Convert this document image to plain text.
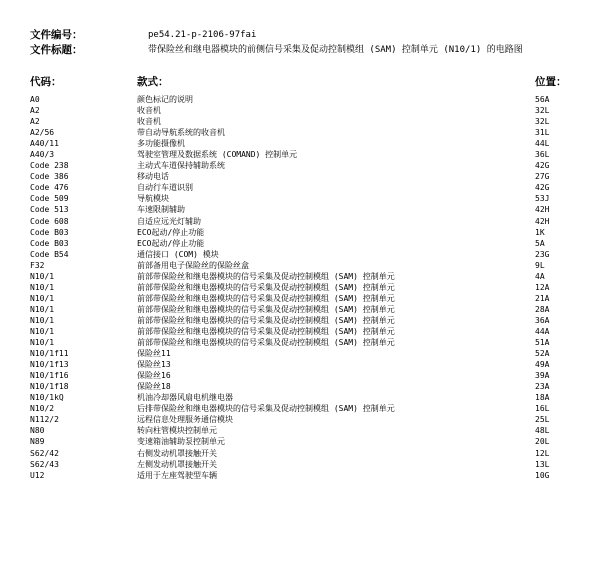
文件编号：	pe54.21-p-2106-97fai
文件标题：	带保险丝和继电器模块的前侧信号采集及促动控制模组 (SAM) 控制单元 (N10/1) 的电路图
代码：	款式：	位置：
A0	颜色标记的说明	56A
A2	收音机	32L
A2	收音机	32L
A2/56	带自动导航系统的收音机	31L
A40/11	多功能摄像机	44L
A40/3	驾驶室管理及数据系统 (COMAND) 控制单元	36L
Code 238	主动式车道保持辅助系统	42G
Code 386	移动电话	27G
Code 476	自动行车道识别	42G
Code 509	导航模块	53J
Code 513	车速限制辅助	42H
Code 608	自适应远光灯辅助	42H
Code B03	ECO起动/停止功能	1K
Code B03	ECO起动/停止功能	5A
Code B54	通信接口 (COM) 模块	23G
F32	前部备用电子保险丝的保险丝盒	9L
N10/1	前部带保险丝和继电器模块的信号采集及促动控制模组 (SAM) 控制单元	4A
N10/1	前部带保险丝和继电器模块的信号采集及促动控制模组 (SAM) 控制单元	12A
N10/1	前部带保险丝和继电器模块的信号采集及促动控制模组 (SAM) 控制单元	21A
N10/1	前部带保险丝和继电器模块的信号采集及促动控制模组 (SAM) 控制单元	28A
N10/1	前部带保险丝和继电器模块的信号采集及促动控制模组 (SAM) 控制单元	36A
N10/1	前部带保险丝和继电器模块的信号采集及促动控制模组 (SAM) 控制单元	44A
N10/1	前部带保险丝和继电器模块的信号采集及促动控制模组 (SAM) 控制单元	51A
N10/1f11	保险丝11	52A
N10/1f13	保险丝13	49A
N10/1f16	保险丝16	39A
N10/1f18	保险丝18	23A
N10/1kQ	机油冷却器风扇电机继电器	18A
N10/2	后排带保险丝和继电器模块的信号采集及促动控制模组 (SAM) 控制单元	16L
N112/2	远程信息处理服务通信模块	25L
N80	转向柱管模块控制单元	48L
N89	变速箱油辅助泵控制单元	20L
S62/42	右侧发动机罩接触开关	12L
S62/43	左侧发动机罩接触开关	13L
U12	适用于左座驾驶型车辆	10G
